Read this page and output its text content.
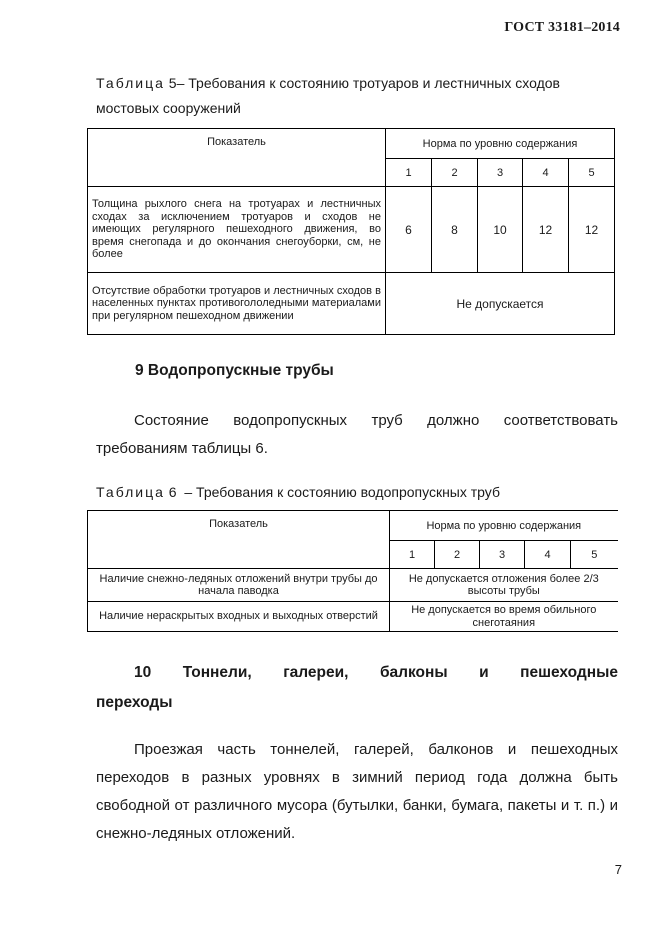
ГОСТ 33181–2014
Таблица 5– Требования к состоянию тротуаров и лестничных сходов
мостовых сооружений
Показатель	Норма по уровню содержания				
	1	2	3	4	5
Толщина рыхлого снега на тротуарах и лестничных сходах за исключением тротуаров и сходов не имеющих регулярного пешеходного движения, во время снегопада и до окончания снегоуборки, см, не более	6	8	10	12	12
Отсутствие обработки тротуаров и лестничных сходов в населенных пунктах противогололедными материалами при регулярном пешеходном движении	Не допускается				
9 Водопропускные трубы
Состояние водопропускных труб должно соответствовать требованиям таблицы 6.
Таблица 6 – Требования к состоянию водопропускных труб
Показатель	Норма по уровню содержания				
	1	2	3	4	5
Наличие снежно-ледяных отложений внутри трубы до начала паводка	Не допускается отложения более 2/3 высоты трубы				
Наличие нераскрытых входных и выходных отверстий	Не допускается во время обильного снеготаяния				
10 Тоннели, галереи, балконы и пешеходные
переходы
Проезжая часть тоннелей, галерей, балконов и пешеходных переходов в разных уровнях в зимний период года должна быть свободной от различного мусора (бутылки, банки, бумага, пакеты и т. п.) и снежно-ледяных отложений.
7
